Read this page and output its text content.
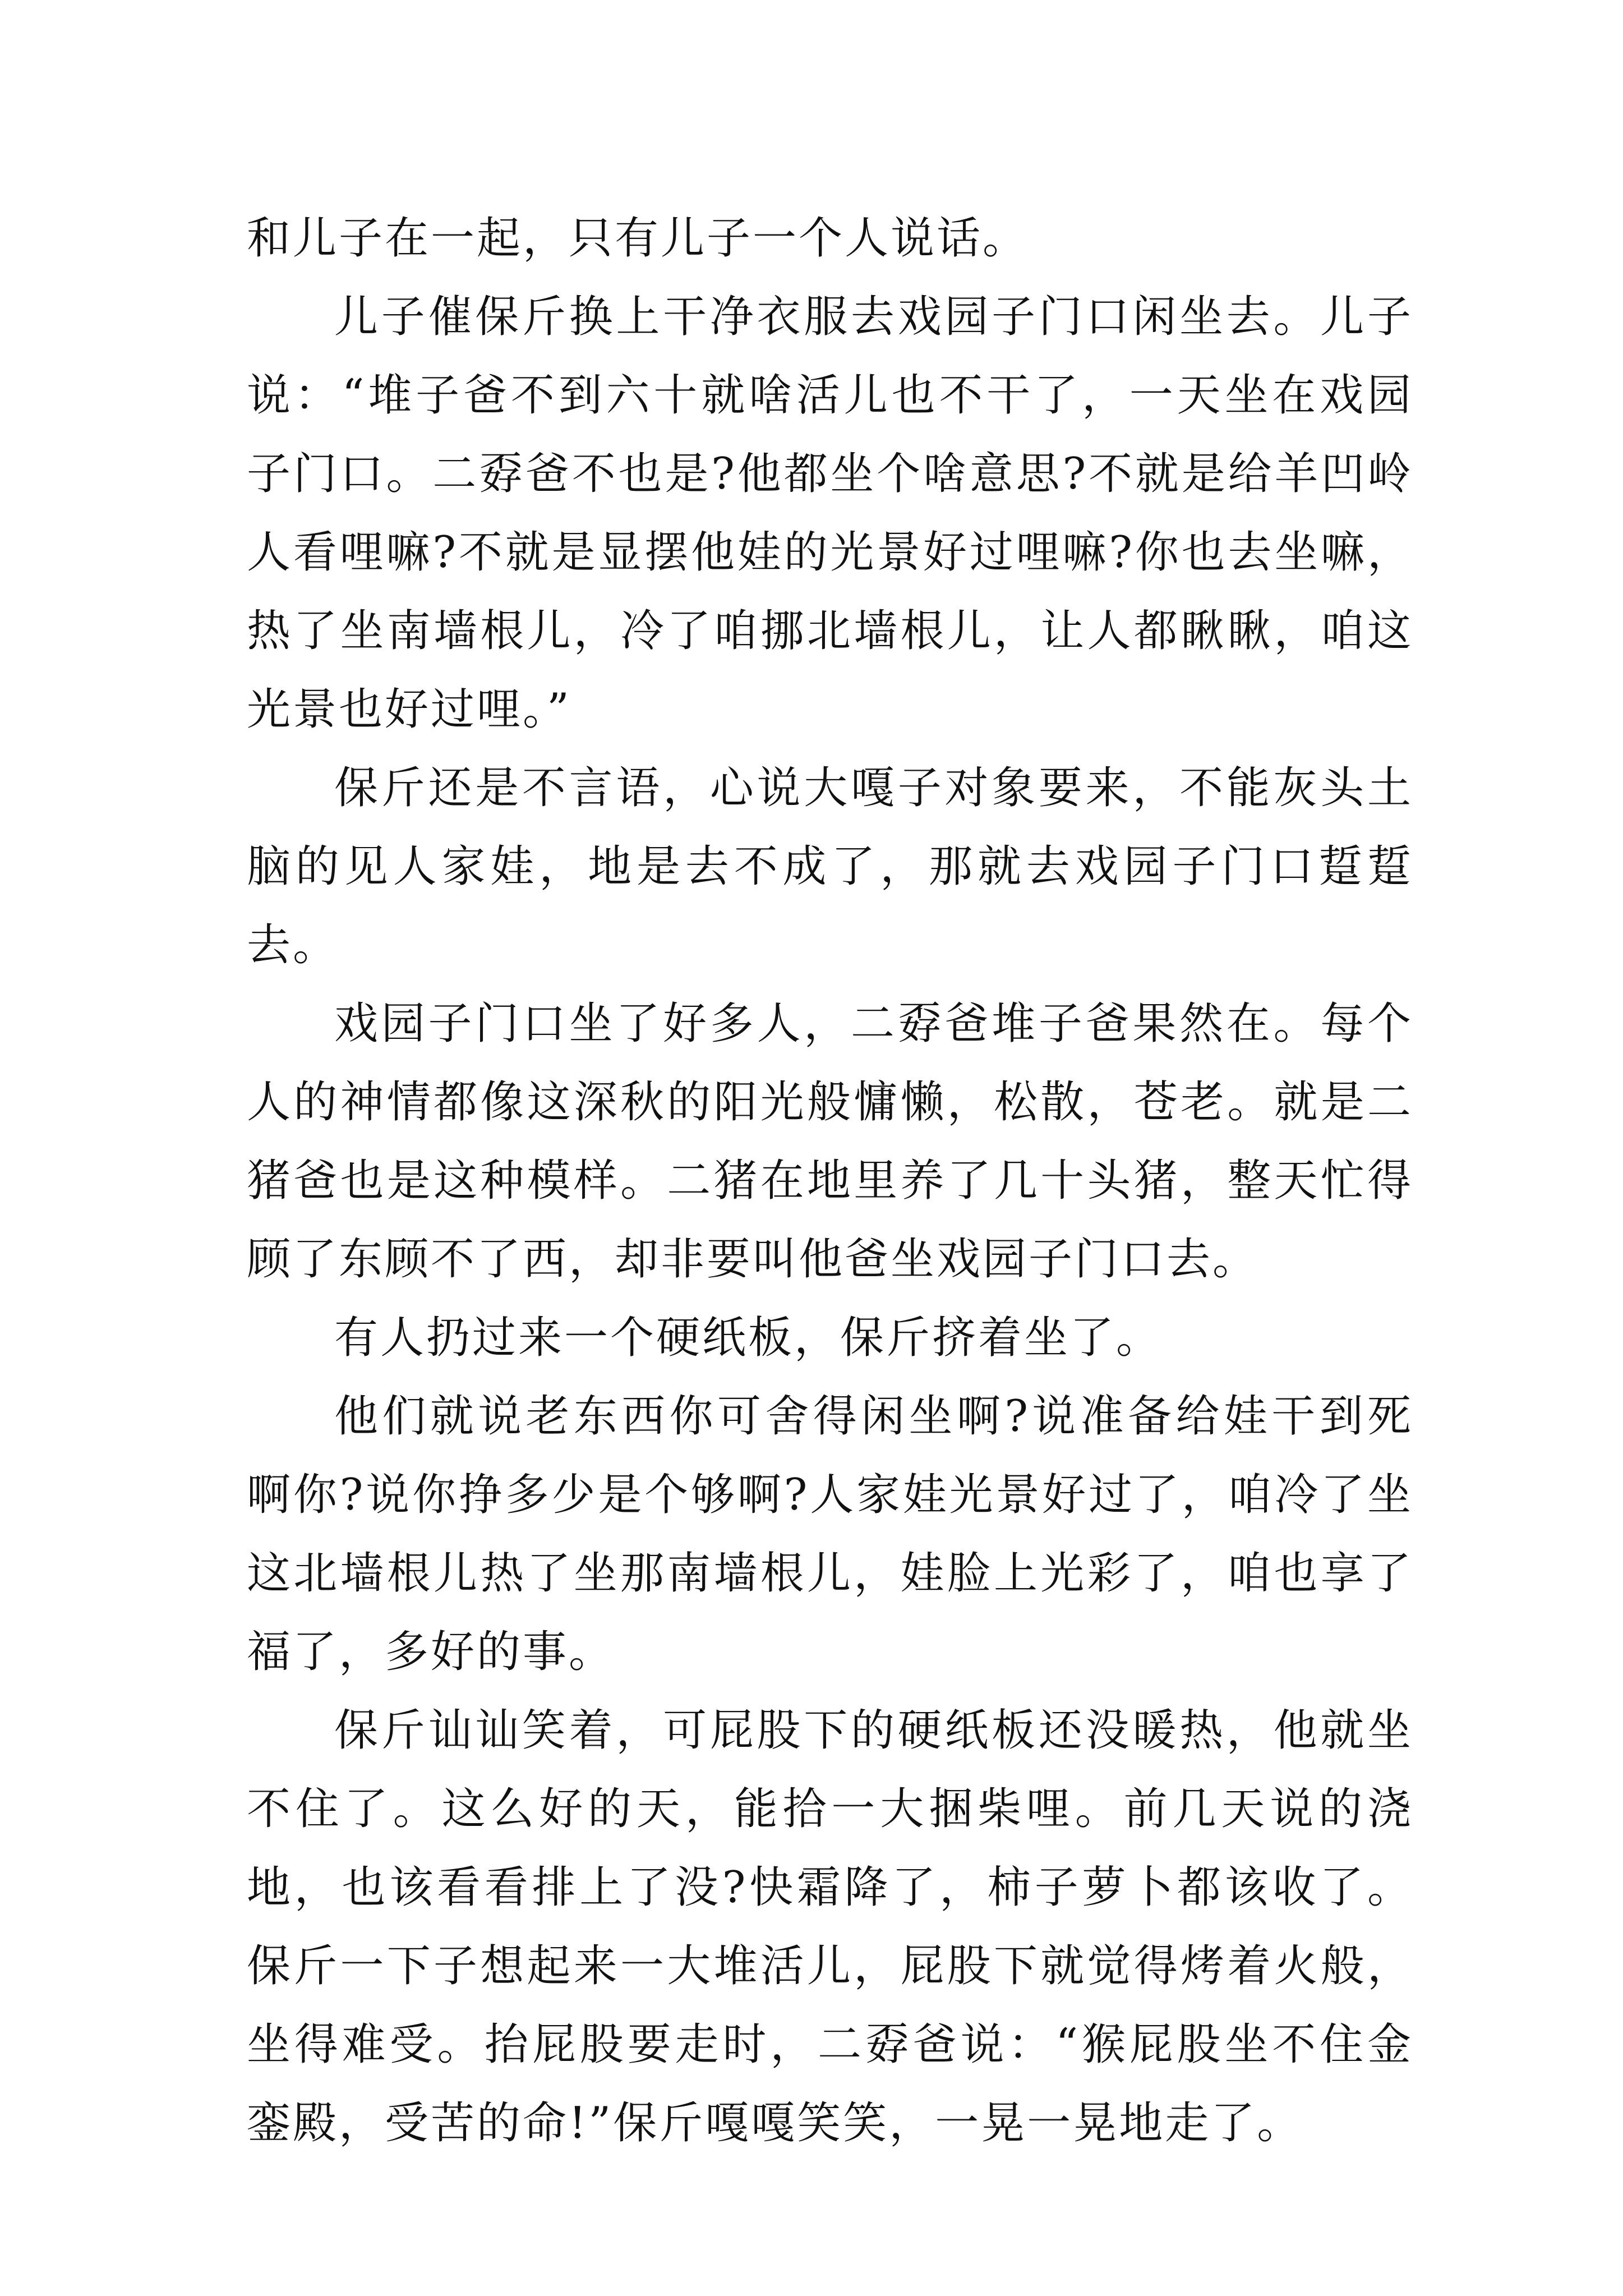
和儿子在一起，只有儿子一个人说话。

儿子催保斤换上干净衣服去戏园子门口闲坐去。儿子说：“堆子爸不到六十就啥活儿也不干了，一天坐在戏园子门口。二孬爸不也是?他都坐个啥意思?不就是给羊凹岭人看哩嘛?不就是显摆他娃的光景好过哩嘛?你也去坐嘛，热了坐南墙根儿，冷了咱挪北墙根儿，让人都瞅瞅，咱这光景也好过哩。”

保斤还是不言语，心说大嘎子对象要来，不能灰头土脑的见人家娃，地是去不成了，那就去戏园子门口踅踅去。

戏园子门口坐了好多人，二孬爸堆子爸果然在。每个人的神情都像这深秋的阳光般慵懒，松散，苍老。就是二猪爸也是这种模样。二猪在地里养了几十头猪，整天忙得顾了东顾不了西，却非要叫他爸坐戏园子门口去。

有人扔过来一个硬纸板，保斤挤着坐了。

他们就说老东西你可舍得闲坐啊?说准备给娃干到死啊你?说你挣多少是个够啊?人家娃光景好过了，咱冷了坐这北墙根儿热了坐那南墙根儿，娃脸上光彩了，咱也享了福了，多好的事。

保斤讪讪笑着，可屁股下的硬纸板还没暖热，他就坐不住了。这么好的天，能拾一大捆柴哩。前几天说的浇地，也该看看排上了没?快霜降了，柿子萝卜都该收了。保斤一下子想起来一大堆活儿，屁股下就觉得烤着火般，坐得难受。抬屁股要走时，二孬爸说：“猴屁股坐不住金銮殿，受苦的命!”保斤嘎嘎笑笑，一晃一晃地走了。
